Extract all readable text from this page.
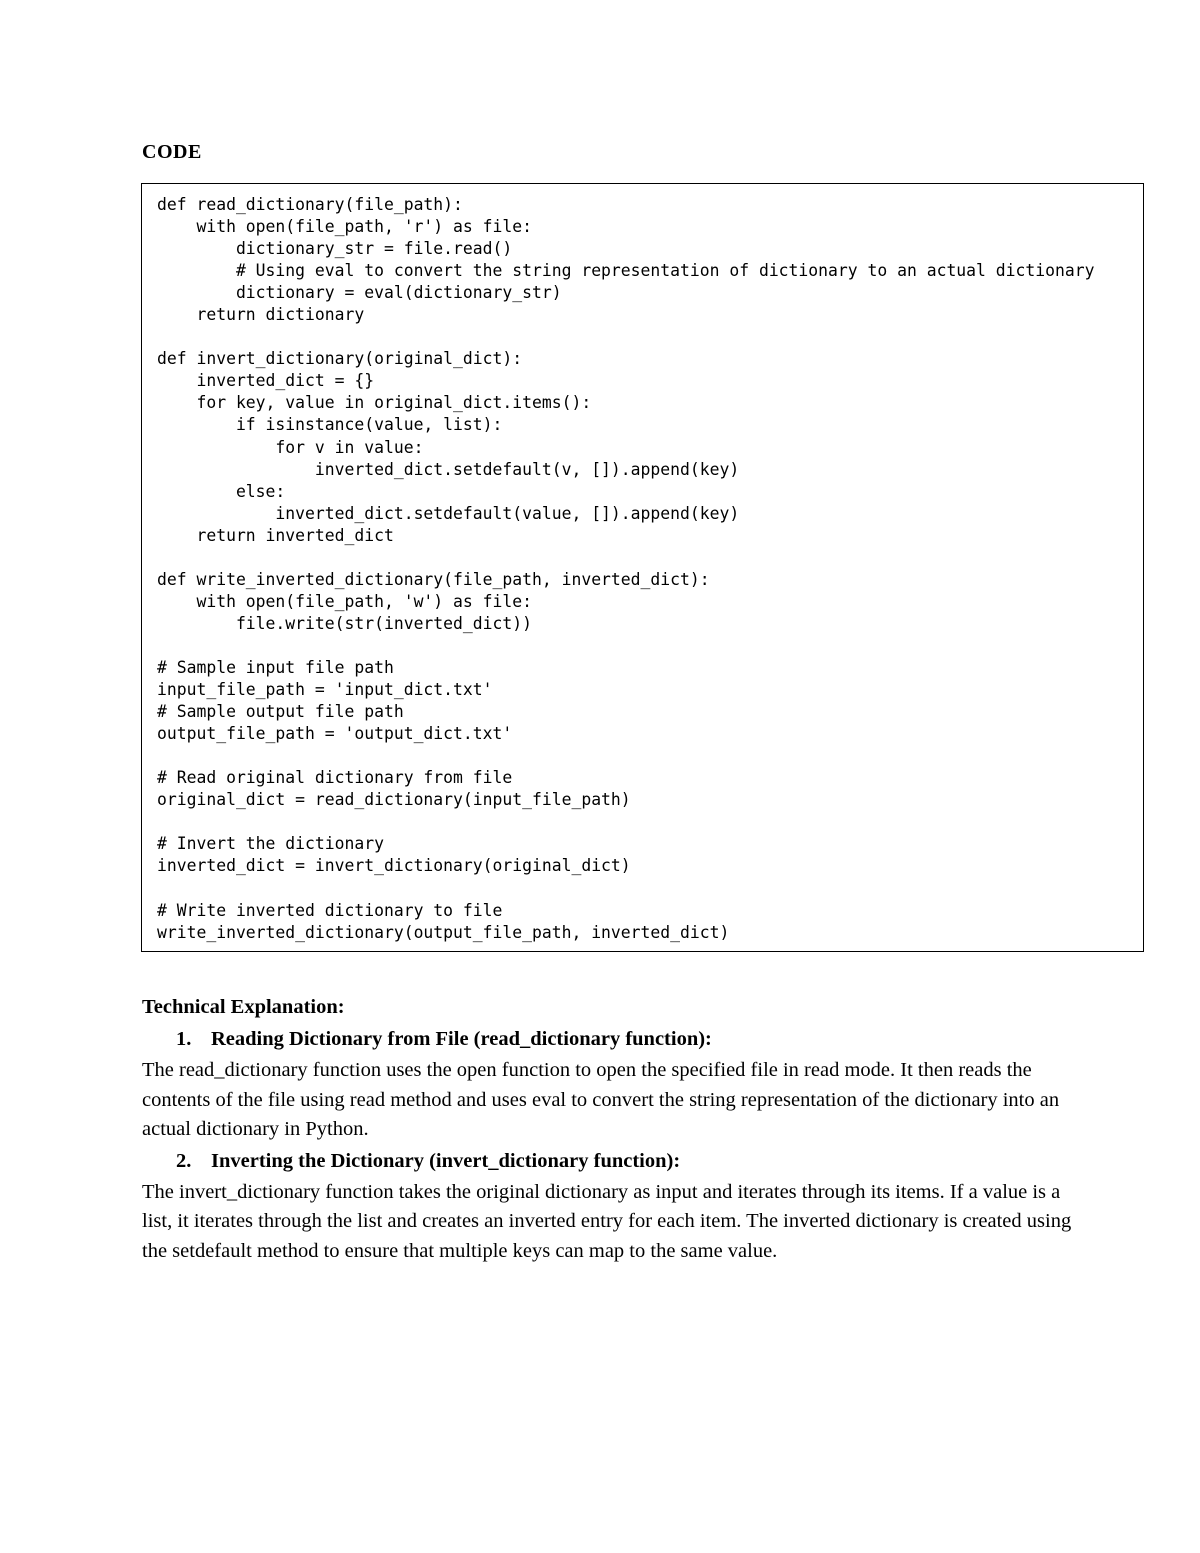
CODE
def read_dictionary(file_path):
with open(file_path, 'r') as file:
dictionary_str = file.read()
# Using eval to convert the string representation of dictionary to an actual dictionary
dictionary = eval(dictionary_str)
return dictionary
def invert_dictionary(original_dict):
inverted_dict = {}
for key, value in original_dict.items():
if isinstance(value, list):
for v in value:
inverted_dict.setdefault(v, []).append(key)
else:
inverted_dict.setdefault(value, []).append(key)
return inverted_dict
def write_inverted_dictionary(file_path, inverted_dict):
with open(file_path, 'w') as file:
file.write(str(inverted_dict))
# Sample input file path
input_file_path = 'input_dict.txt'
# Sample output file path
output_file_path = 'output_dict.txt'
# Read original dictionary from file
original_dict = read_dictionary(input_file_path)
# Invert the dictionary
inverted_dict = invert_dictionary(original_dict)
# Write inverted dictionary to file
write_inverted_dictionary(output_file_path, inverted_dict)
Technical Explanation:
1. Reading Dictionary from File (read_dictionary function):
The read_dictionary function uses the open function to open the specified file in read mode. It then reads the contents of the file using read method and uses eval to convert the string representation of the dictionary into an actual dictionary in Python.
2. Inverting the Dictionary (invert_dictionary function):
The invert_dictionary function takes the original dictionary as input and iterates through its items. If a value is a list, it iterates through the list and creates an inverted entry for each item. The inverted dictionary is created using the setdefault method to ensure that multiple keys can map to the same value.
